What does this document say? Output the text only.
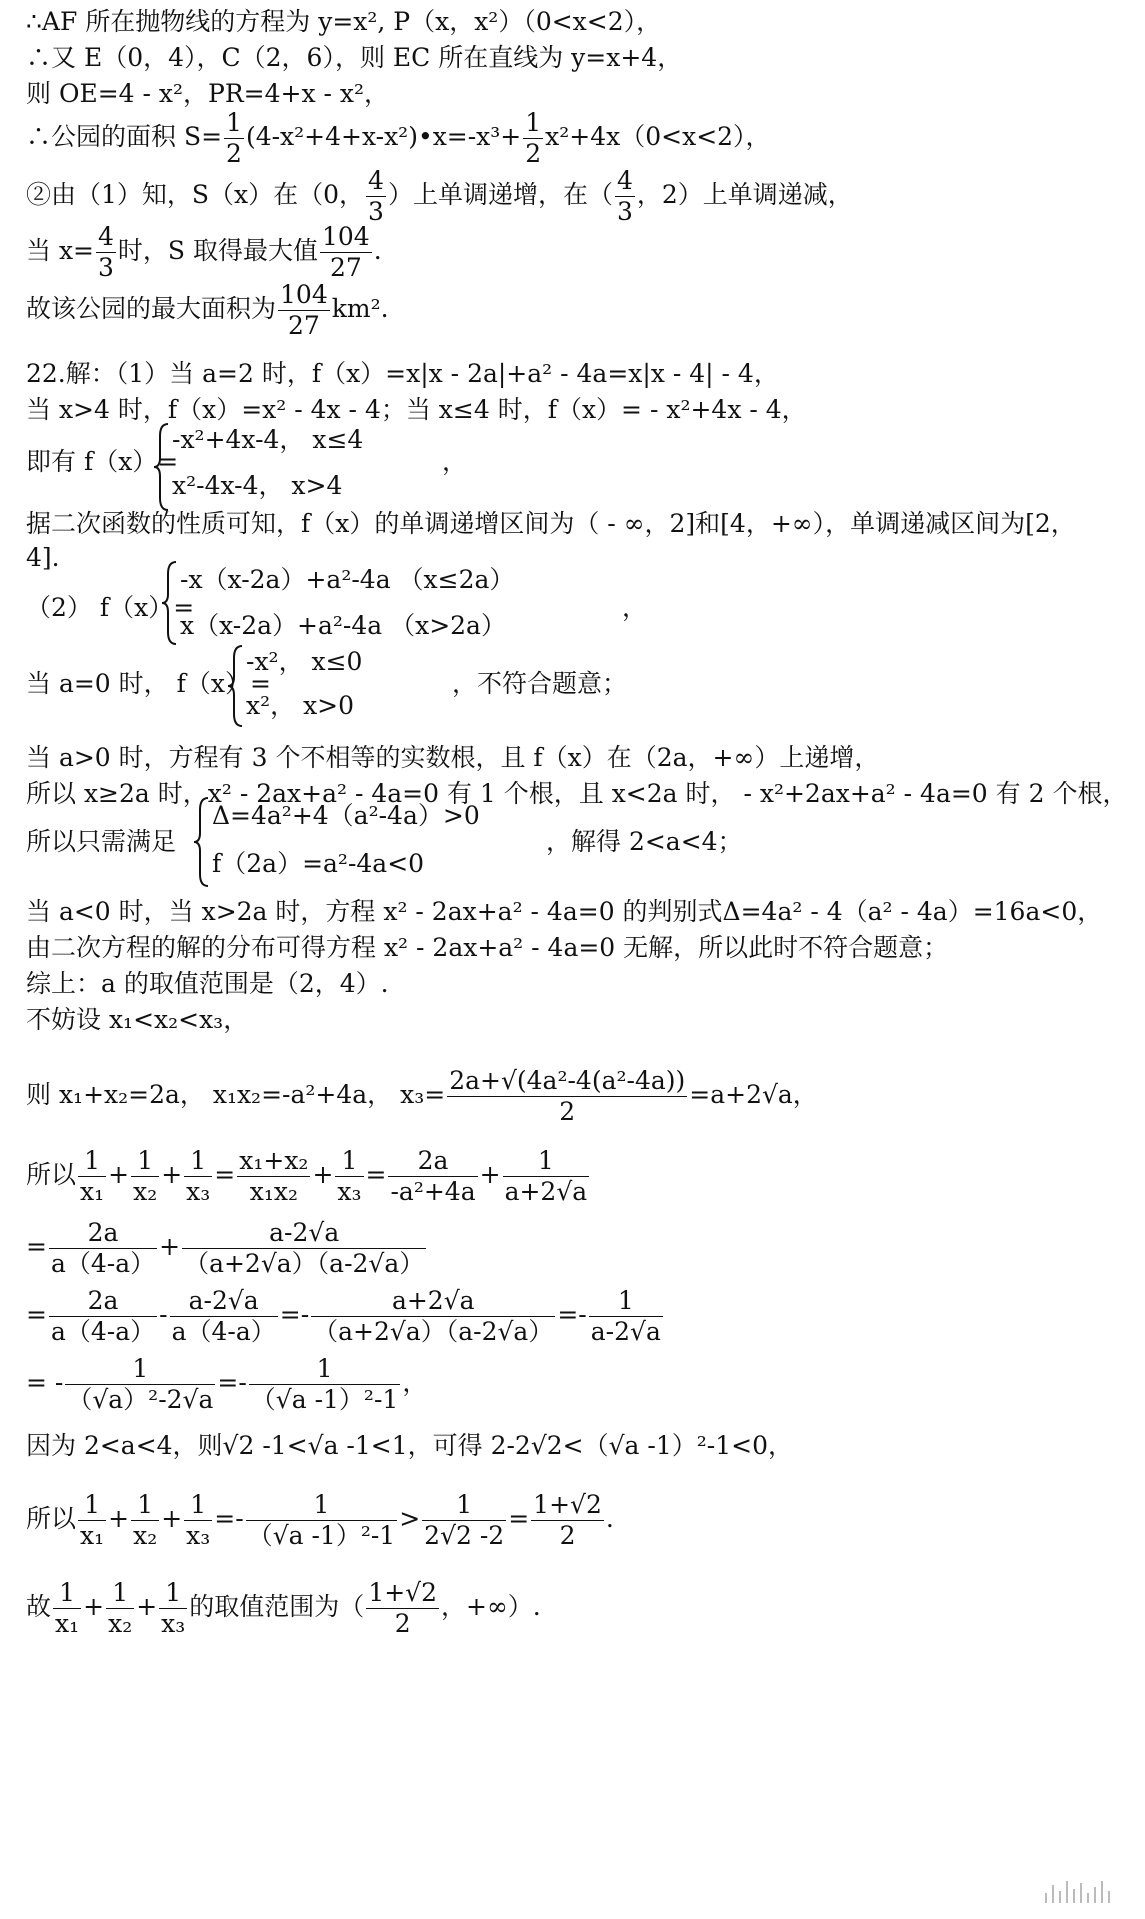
∴AF 所在抛物线的方程为 y=x², P（x，x²）（0<x<2），
∴又 E（0，4），C（2，6），则 EC 所在直线为 y=x+4，
则 OE=4 - x²，PR=4+x - x²，
∴公园的面积 $S= \frac{1}{2}$ (4-x²+4+x-x²)•x=-x³+ $\frac{1}{2} x^2+4x(0<x<2)$，
②由（1）知，S（x）在（0， $\frac{4}{3}$ ）上单调递增，在（ $\frac{4}{3}$ ，2）上单调递减，
当 $x= \frac{4}{3}$ 时，S 取得最大值 $\frac{104}{27}$ .
故该公园的最大面积为 $\frac{104}{27} km^2$.
22.解：（1）当 a=2 时，f（x）=x|x - 2a|+a² - 4a=x|x - 4| - 4，
当 x>4 时，f（x）=x² - 4x - 4；当 x≤4 时，f（x）= - x²+4x - 4，
即有 f（x）=
-x²+4x-4， x≤4
x²-4x-4， x>4
，
据二次函数的性质可知，f（x）的单调递增区间为（ - ∞，2]和[4，+∞），单调递减区间为[2，
4].
（2） f（x）=
-x（x-2a）+a²-4a （x≤2a）
x（x-2a）+a²-4a （x>2a）
，
当 a=0 时， f（x）=
-x²， x≤0
x²， x>0
，不符合题意；
当 a>0 时，方程有 3 个不相等的实数根，且 f（x）在（2a，+∞）上递增，
所以 x≥2a 时，x² - 2ax+a² - 4a=0 有 1 个根，且 x<2a 时， - x²+2ax+a² - 4a=0 有 2 个根，
所以只需满足
Δ=4a²+4（a²-4a）>0
f（2a）=a²-4a<0
，解得 2<a<4；
当 a<0 时，当 x>2a 时，方程 x² - 2ax+a² - 4a=0 的判别式Δ=4a² - 4（a² - 4a）=16a<0，
由二次方程的解的分布可得方程 x² - 2ax+a² - 4a=0 无解，所以此时不符合题意；
综上：a 的取值范围是（2，4）.
不妨设 x₁<x₂<x₃，
则 x₁+x₂=2a， x₁x₂=-a²+4a， $x_3= \frac{\text{2a+√(4a²-4(a²-4a))}}{2} =a+2√a$，
所以 $\frac{1}{\text{x₁}} + \frac{1}{\text{x₂}} + \frac{1}{\text{x₃}} = \frac{\text{x₁+x₂}}{\text{x₁x₂}} + \frac{1}{\text{x₃}} = \frac{2a}{\text{-a²+4a}} + \frac{1}{a+2√a}$
= $\frac{2a}{a(4-a)} + \frac{a-2√a}{(a+2√a)(a-2√a)}$
= $\frac{2a}{a(4-a)} - \frac{a-2√a}{a(4-a)} =- \frac{a+2√a}{(a+2√a)(a-2√a)} =- \frac{1}{a-2√a}$
= - $\frac{1}{\text{（√a）²-2√a}} =- \frac{1}{\text{（√a -1）²-1}}$ ，
因为 2<a<4，则√2 -1<√a -1<1，可得 2-2√2<（√a -1）²-1<0，
所以 $\frac{1}{\text{x₁}} + \frac{1}{\text{x₂}} + \frac{1}{\text{x₃}} =- \frac{1}{\text{（√a -1）²-1}} > \frac{1}{2√2 -2} = \frac{1+√2}{2}$ .
故 $\frac{1}{\text{x₁}} + \frac{1}{\text{x₂}} + \frac{1}{\text{x₃}}$ 的取值范围为（ $\frac{1+√2}{2}$ ，+∞）.
